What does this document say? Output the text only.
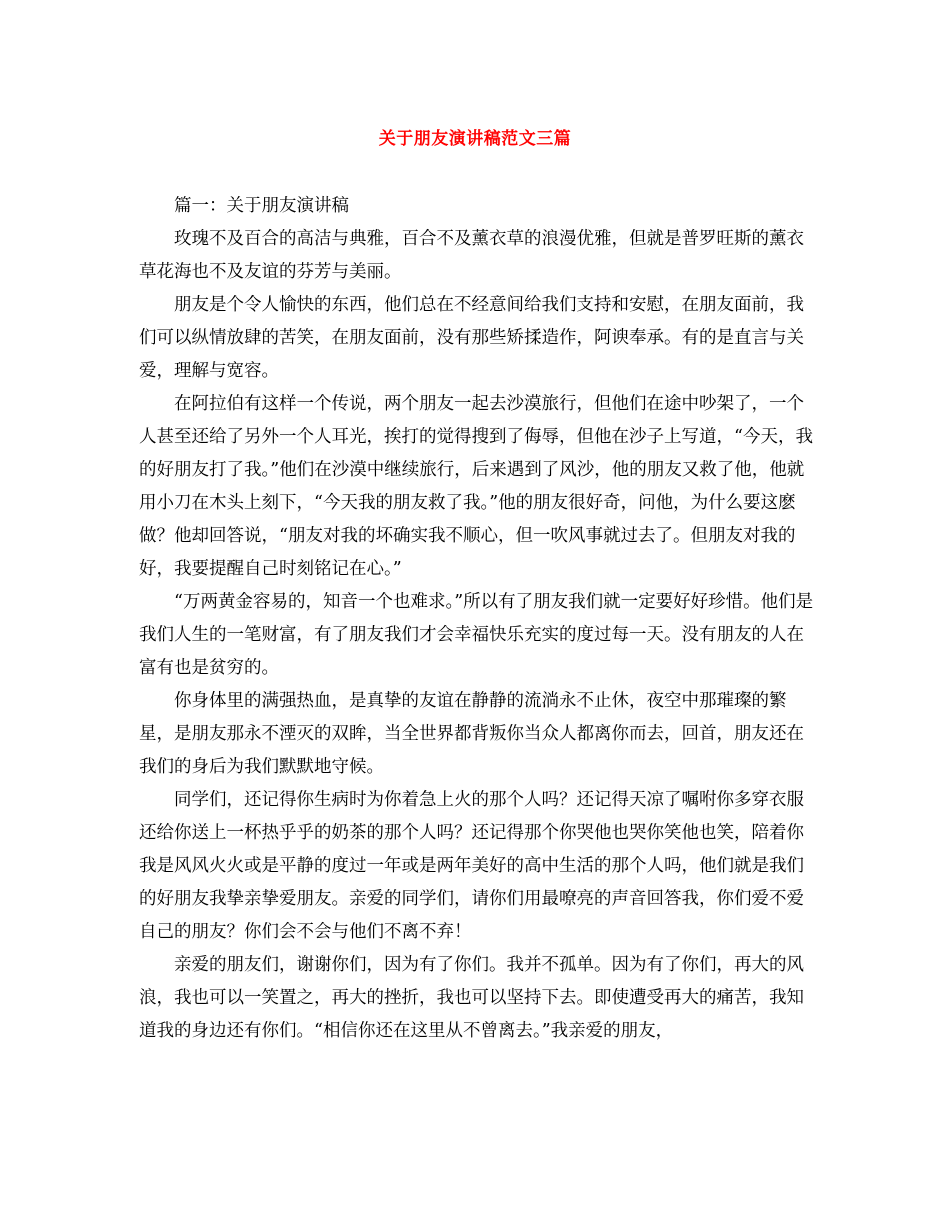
关于朋友演讲稿范文三篇

篇一：关于朋友演讲稿

玫瑰不及百合的高洁与典雅，百合不及薰衣草的浪漫优雅，但就是普罗旺斯的薰衣草花海也不及友谊的芬芳与美丽。

朋友是个令人愉快的东西，他们总在不经意间给我们支持和安慰，在朋友面前，我们可以纵情放肆的苦笑，在朋友面前，没有那些矫揉造作，阿谀奉承。有的是直言与关爱，理解与宽容。

在阿拉伯有这样一个传说，两个朋友一起去沙漠旅行，但他们在途中吵架了，一个人甚至还给了另外一个人耳光，挨打的觉得搜到了侮辱，但他在沙子上写道，“今天，我的好朋友打了我。”他们在沙漠中继续旅行，后来遇到了风沙，他的朋友又救了他，他就用小刀在木头上刻下，“今天我的朋友救了我。”他的朋友很好奇，问他，为什么要这麽做？他却回答说，“朋友对我的坏确实我不顺心，但一吹风事就过去了。但朋友对我的好，我要提醒自己时刻铭记在心。”

“万两黄金容易的，知音一个也难求。”所以有了朋友我们就一定要好好珍惜。他们是我们人生的一笔财富，有了朋友我们才会幸福快乐充实的度过每一天。没有朋友的人在富有也是贫穷的。

你身体里的满强热血，是真挚的友谊在静静的流淌永不止休，夜空中那璀璨的繁星，是朋友那永不湮灭的双眸，当全世界都背叛你当众人都离你而去，回首，朋友还在我们的身后为我们默默地守候。

同学们，还记得你生病时为你着急上火的那个人吗？还记得天凉了嘱咐你多穿衣服还给你送上一杯热乎乎的奶茶的那个人吗？还记得那个你哭他也哭你笑他也笑，陪着你我是风风火火或是平静的度过一年或是两年美好的高中生活的那个人吗，他们就是我们的好朋友我挚亲挚爱朋友。亲爱的同学们，请你们用最嘹亮的声音回答我，你们爱不爱自己的朋友？你们会不会与他们不离不弃！

亲爱的朋友们，谢谢你们，因为有了你们。我并不孤单。因为有了你们，再大的风浪，我也可以一笑置之，再大的挫折，我也可以坚持下去。即使遭受再大的痛苦，我知道我的身边还有你们。“相信你还在这里从不曾离去。”我亲爱的朋友，
